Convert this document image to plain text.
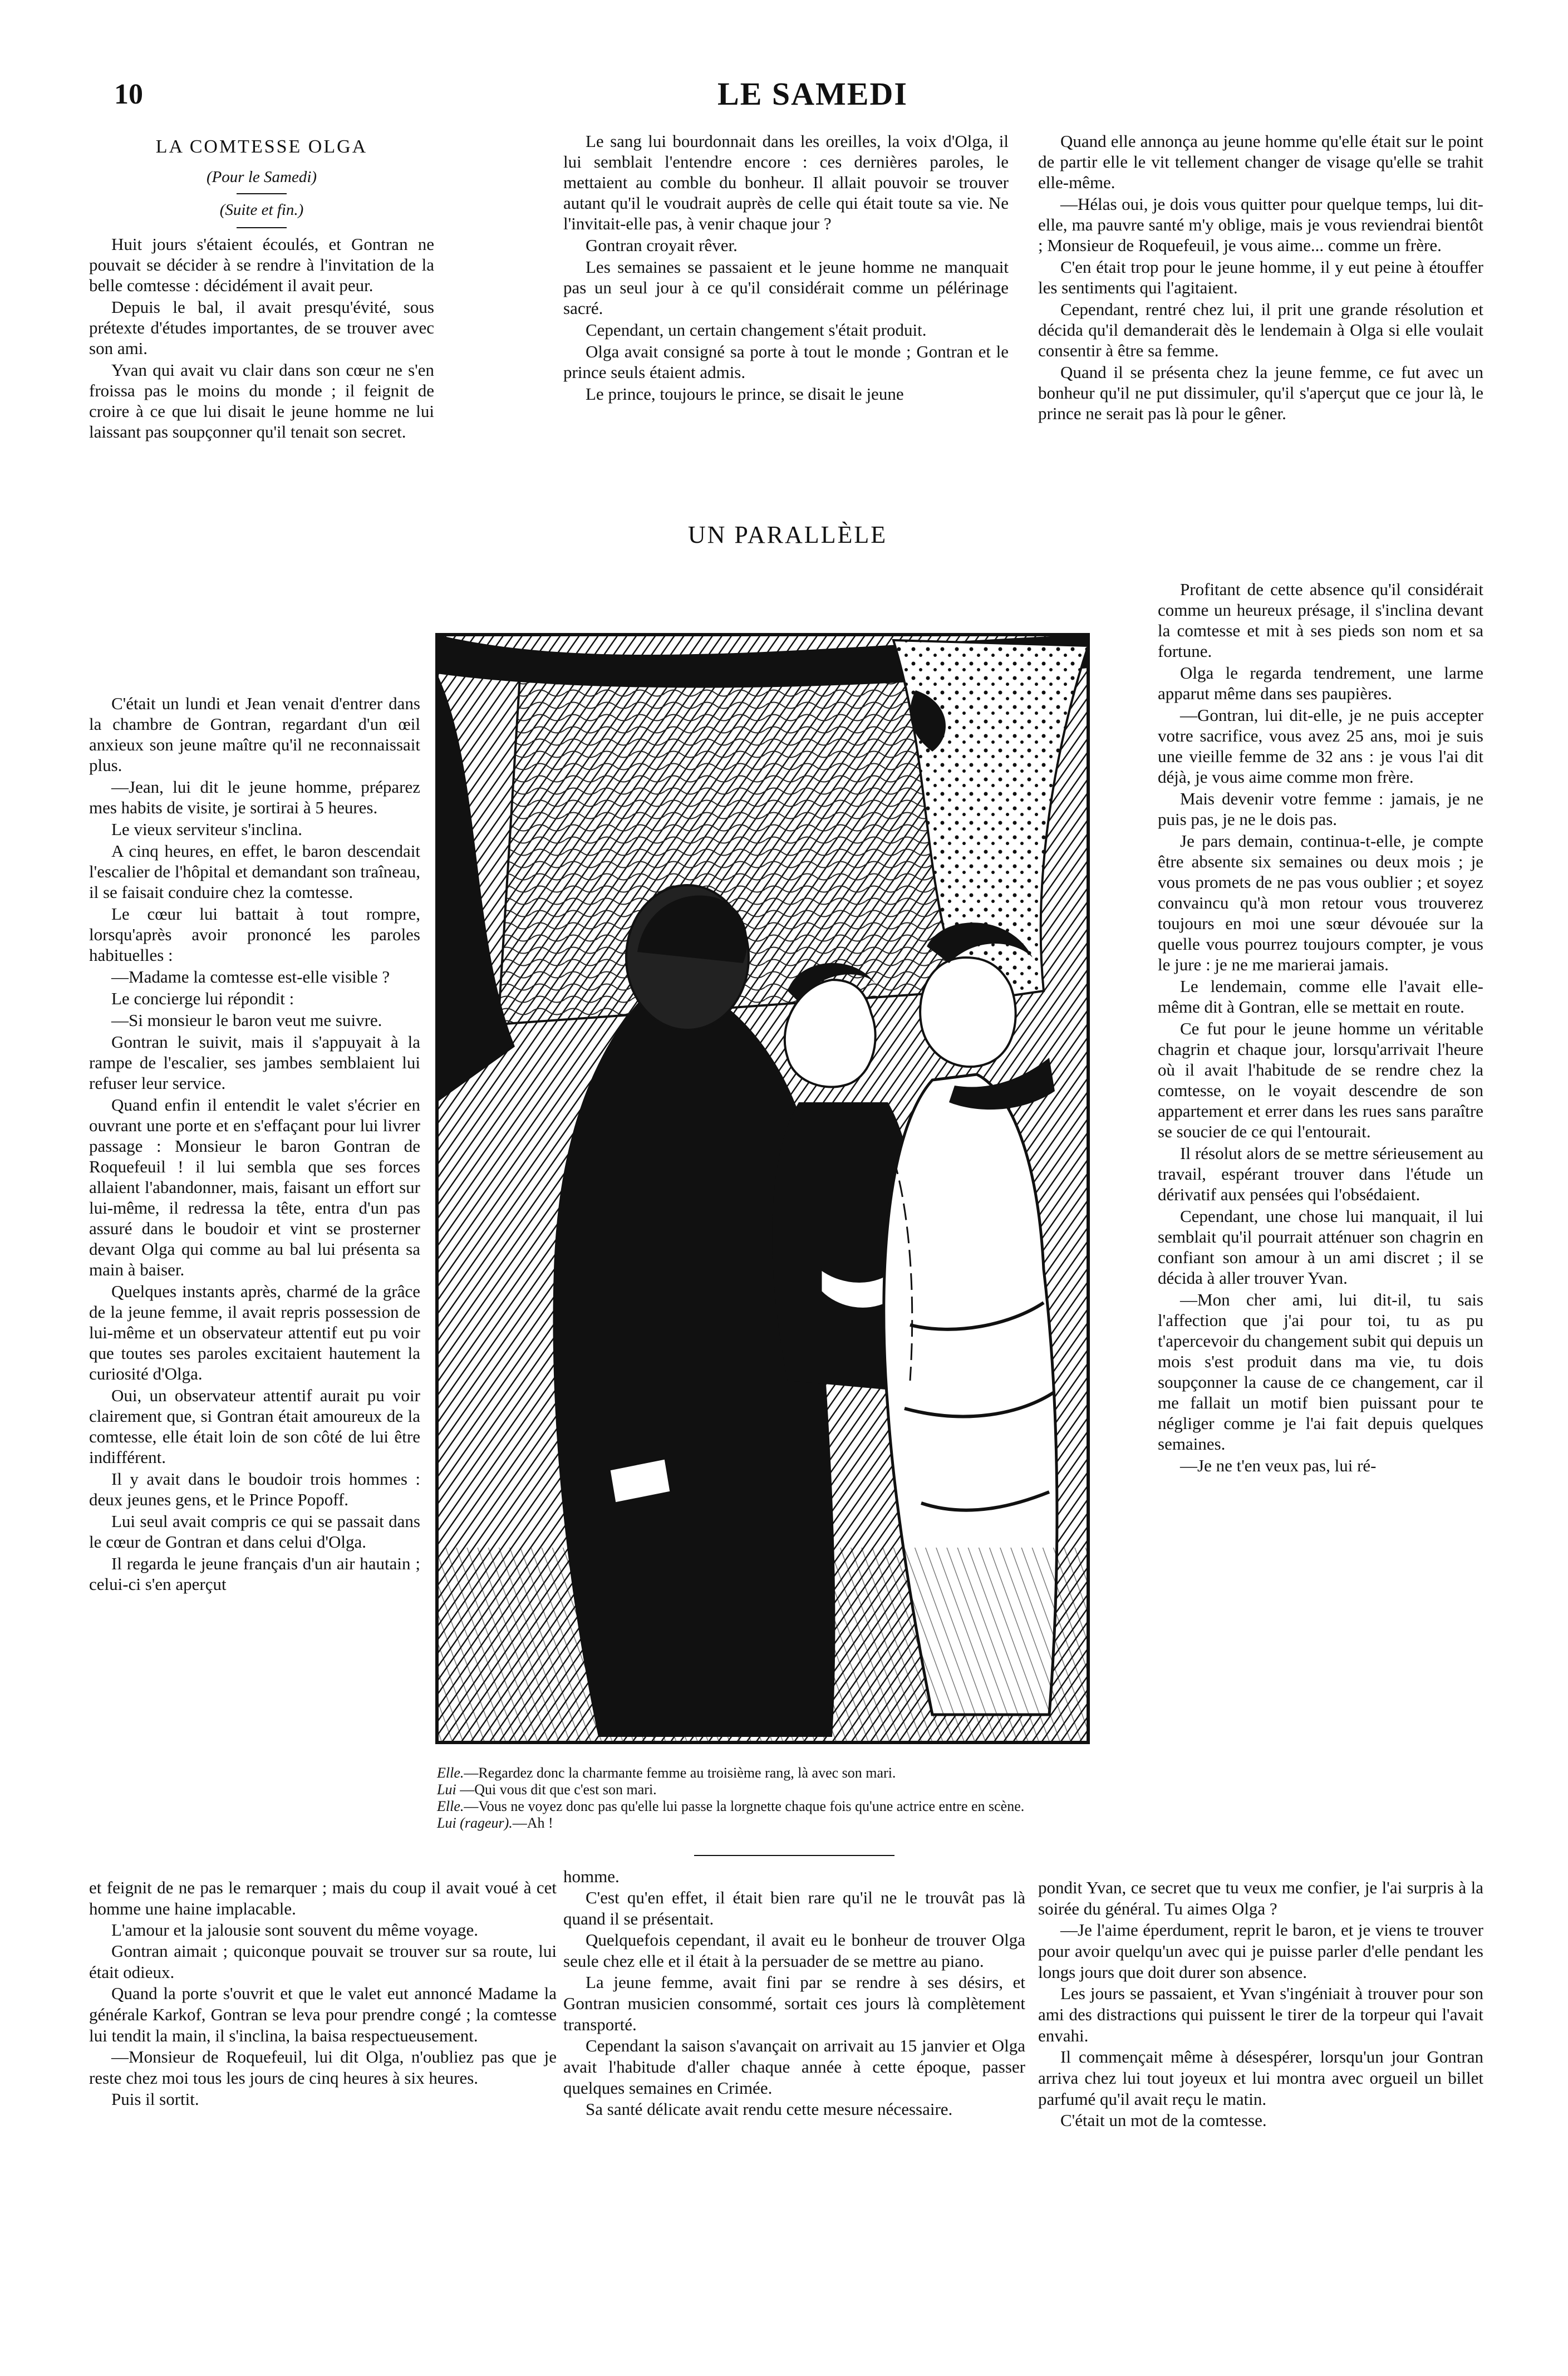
10	LE SAMEDI
LA COMTESSE OLGA
(Pour le Samedi)
(Suite et fin.)

Huit jours s'étaient écoulés, et Gontran ne pouvait se décider à se rendre à l'invitation de la belle comtesse : décidément il avait peur.

Depuis le bal, il avait presqu'évité, sous prétexte d'études importantes, de se trouver avec son ami.

Yvan qui avait vu clair dans son cœur ne s'en froissa pas le moins du monde ; il feignit de croire à ce que lui disait le jeune homme ne lui laissant pas soupçonner qu'il tenait son secret.

C'était un lundi et Jean venait d'entrer dans la chambre de Gontran, regardant d'un œil anxieux son jeune maître qu'il ne reconnaissait plus.

—Jean, lui dit le jeune homme, préparez mes habits de visite, je sortirai à 5 heures.

Le vieux serviteur s'inclina.

A cinq heures, en effet, le baron descendait l'escalier de l'hôpital et demandant son traîneau, il se faisait conduire chez la comtesse.

Le cœur lui battait à tout rompre, lorsqu'après avoir prononcé les paroles habituelles :

—Madame la comtesse est-elle visible ?

Le concierge lui répondit :

—Si monsieur le baron veut me suivre.

Gontran le suivit, mais il s'appuyait à la rampe de l'escalier, ses jambes semblaient lui refuser leur service.

Quand enfin il entendit le valet s'écrier en ouvrant une porte et en s'effaçant pour lui livrer passage : Monsieur le baron Gontran de Roquefeuil ! il lui sembla que ses forces allaient l'abandonner, mais, faisant un effort sur lui-même, il redressa la tête, entra d'un pas assuré dans le boudoir et vint se prosterner devant Olga qui comme au bal lui présenta sa main à baiser.

Quelques instants après, charmé de la grâce de la jeune femme, il avait repris possession de lui-même et un observateur attentif eut pu voir que toutes ses paroles excitaient hautement la curiosité d'Olga.

Oui, un observateur attentif aurait pu voir clairement que, si Gontran était amoureux de la comtesse, elle était loin de son côté de lui être indifférent.

Il y avait dans le boudoir trois hommes : deux jeunes gens, et le Prince Popoff.

Lui seul avait compris ce qui se passait dans le cœur de Gontran et dans celui d'Olga.

Il regarda le jeune français d'un air hautain ; celui-ci s'en aperçut

Le sang lui bourdonnait dans les oreilles, la voix d'Olga, il lui semblait l'entendre encore : ces dernières paroles, le mettaient au comble du bonheur. Il allait pouvoir se trouver autant qu'il le voudrait auprès de celle qui était toute sa vie. Ne l'invitait-elle pas, à venir chaque jour ?

Gontran croyait rêver.

Les semaines se passaient et le jeune homme ne manquait pas un seul jour à ce qu'il considérait comme un pélérinage sacré.

Cependant, un certain changement s'était produit.

Olga avait consigné sa porte à tout le monde ; Gontran et le prince seuls étaient admis.

Le prince, toujours le prince, se disait le jeune

UN PARALLÈLE

Quand elle annonça au jeune homme qu'elle était sur le point de partir elle le vit tellement changer de visage qu'elle se trahit elle-même.

—Hélas oui, je dois vous quitter pour quelque temps, lui dit-elle, ma pauvre santé m'y oblige, mais je vous reviendrai bientôt ; Monsieur de Roquefeuil, je vous aime... comme un frère.

C'en était trop pour le jeune homme, il y eut peine à étouffer les sentiments qui l'agitaient.

Cependant, rentré chez lui, il prit une grande résolution et décida qu'il demanderait dès le lendemain à Olga si elle voulait consentir à être sa femme.

Quand il se présenta chez la jeune femme, ce fut avec un bonheur qu'il ne put dissimuler, qu'il s'aperçut que ce jour là, le prince ne serait pas là pour le gêner.

Profitant de cette absence qu'il considérait comme un heureux présage, il s'inclina devant la comtesse et mit à ses pieds son nom et sa fortune.

Olga le regarda tendrement, une larme apparut même dans ses paupières.

—Gontran, lui dit-elle, je ne puis accepter votre sacrifice, vous avez 25 ans, moi je suis une vieille femme de 32 ans : je vous l'ai dit déjà, je vous aime comme mon frère.

Mais devenir votre femme : jamais, je ne puis pas, je ne le dois pas.

Je pars demain, continua-t-elle, je compte être absente six semaines ou deux mois ; je vous promets de ne pas vous oublier ; et soyez convaincu qu'à mon retour vous trouverez toujours en moi une sœur dévouée sur la quelle vous pourrez toujours compter, je vous le jure : je ne me marierai jamais.

Le lendemain, comme elle l'avait elle-même dit à Gontran, elle se mettait en route.

Ce fut pour le jeune homme un véritable chagrin et chaque jour, lorsqu'arrivait l'heure où il avait l'habitude de se rendre chez la comtesse, on le voyait descendre de son appartement et errer dans les rues sans paraître se soucier de ce qui l'entourait.

Il résolut alors de se mettre sérieusement au travail, espérant trouver dans l'étude un dérivatif aux pensées qui l'obsédaient.

Cependant, une chose lui manquait, il lui semblait qu'il pourrait atténuer son chagrin en confiant son amour à un ami discret ; il se décida à aller trouver Yvan.

—Mon cher ami, lui dit-il, tu sais l'affection que j'ai pour toi, tu as pu t'apercevoir du changement subit qui depuis un mois s'est produit dans ma vie, tu dois soupçonner la cause de ce changement, car il me fallait un motif bien puissant pour te négliger comme je l'ai fait depuis quelques semaines.

—Je ne t'en veux pas, lui ré-

Elle.—Regardez donc la charmante femme au troisième rang, là avec son mari.
Lui —Qui vous dit que c'est son mari.
Elle.—Vous ne voyez donc pas qu'elle lui passe la lorgnette chaque fois qu'une actrice entre en scène.
Lui (rageur).—Ah !

et feignit de ne pas le remarquer ; mais du coup il avait voué à cet homme une haine implacable.

L'amour et la jalousie sont souvent du même voyage.

Gontran aimait ; quiconque pouvait se trouver sur sa route, lui était odieux.

Quand la porte s'ouvrit et que le valet eut annoncé Madame la générale Karkof, Gontran se leva pour prendre congé ; la comtesse lui tendit la main, il s'inclina, la baisa respectueusement.

—Monsieur de Roquefeuil, lui dit Olga, n'oubliez pas que je reste chez moi tous les jours de cinq heures à six heures.

Puis il sortit.

homme.

C'est qu'en effet, il était bien rare qu'il ne le trouvât pas là quand il se présentait.

Quelquefois cependant, il avait eu le bonheur de trouver Olga seule chez elle et il était à la persuader de se mettre au piano.

La jeune femme, avait fini par se rendre à ses désirs, et Gontran musicien consommé, sortait ces jours là complètement transporté.

Cependant la saison s'avançait on arrivait au 15 janvier et Olga avait l'habitude d'aller chaque année à cette époque, passer quelques semaines en Crimée.

Sa santé délicate avait rendu cette mesure nécessaire.

pondit Yvan, ce secret que tu veux me confier, je l'ai surpris à la soirée du général. Tu aimes Olga ?

—Je l'aime éperdument, reprit le baron, et je viens te trouver pour avoir quelqu'un avec qui je puisse parler d'elle pendant les longs jours que doit durer son absence.

Les jours se passaient, et Yvan s'ingéniait à trouver pour son ami des distractions qui puissent le tirer de la torpeur qui l'avait envahi.

Il commençait même à désespérer, lorsqu'un jour Gontran arriva chez lui tout joyeux et lui montra avec orgueil un billet parfumé qu'il avait reçu le matin.

C'était un mot de la comtesse.
